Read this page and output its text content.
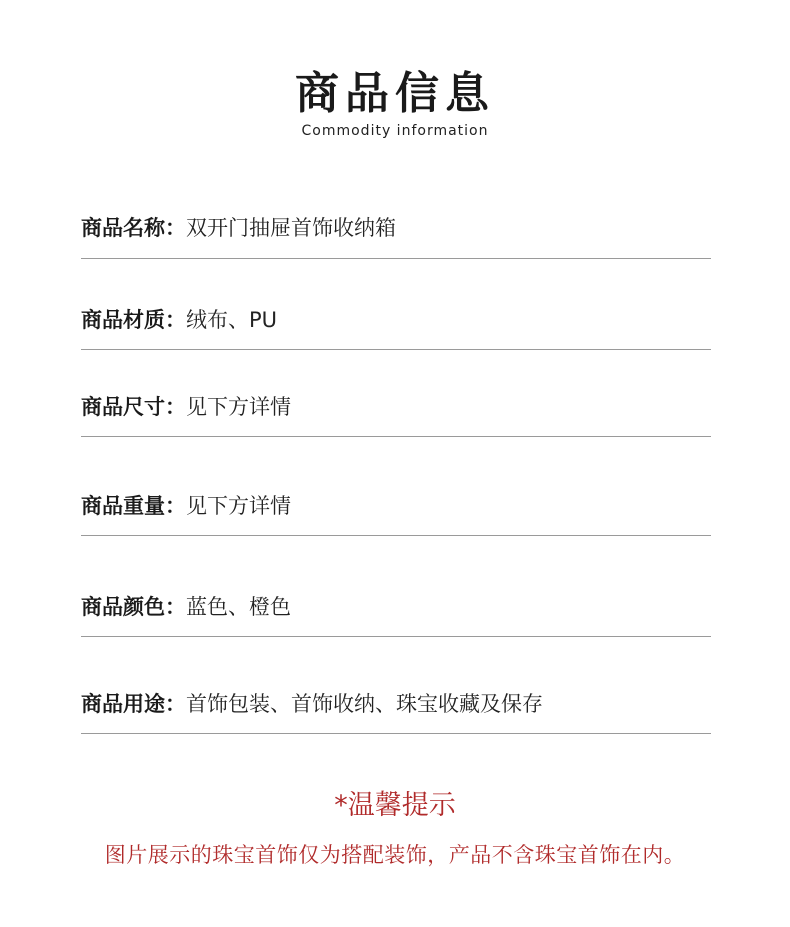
商品信息
Commodity information
商品名称：双开门抽屉首饰收纳箱
商品材质：绒布、PU
商品尺寸：见下方详情
商品重量：见下方详情
商品颜色：蓝色、橙色
商品用途：首饰包装、首饰收纳、珠宝收藏及保存
*温馨提示
图片展示的珠宝首饰仅为搭配装饰，产品不含珠宝首饰在内。
